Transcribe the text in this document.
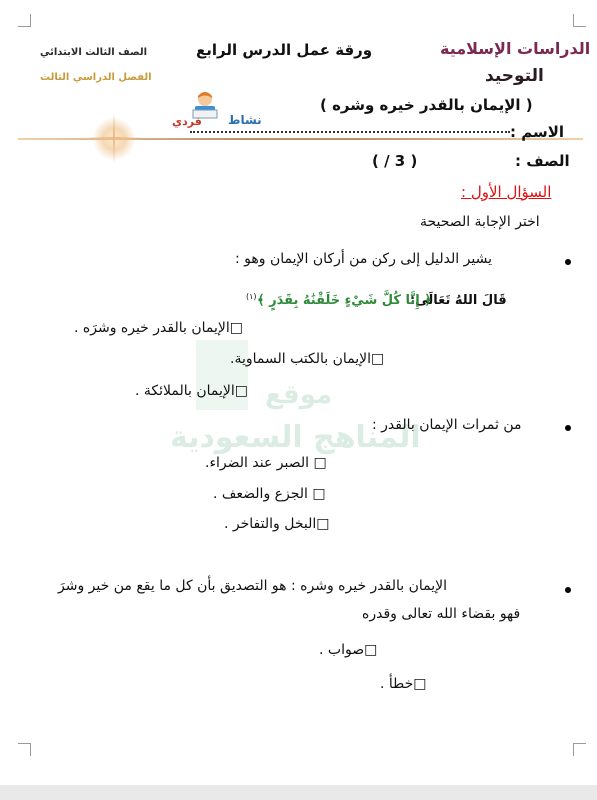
موقع
المناهج السعودية
الصف الثالث الابتدائي
الفصل الدراسي الثالث
ورقة عمل الدرس الرابع	الدراسات الإسلامية
التوحيد
( الإيمان بالقدر خيره وشره )
نشاط
فردي
الاسم :
الصف :
( 3 / )
السؤال الأول :
اختر الإجابة الصحيحة
يشير الدليل إلى ركن من أركان الإيمان وهو :
قَالَ اللهُ تَعَالَى:
﴿ إِنَّا كُلَّ شَيْءٍ خَلَقْنَٰهُ بِقَدَرٍ ﴾
(١)
□الإيمان بالقدر خيره وشرَه .
□الإيمان بالكتب السماوية.
□الإيمان بالملائكة .
من ثمرات الإيمان بالقدر :
□ الصبر عند الضراء.
□ الجزع والضعف .
□البخل والتفاخر .
الإيمان بالقدر خيره وشره : هو التصديق بأن كل ما يقع من خير وشرَ
فهو بقضاء الله تعالى وقدره
□صواب .
□خطأ .
